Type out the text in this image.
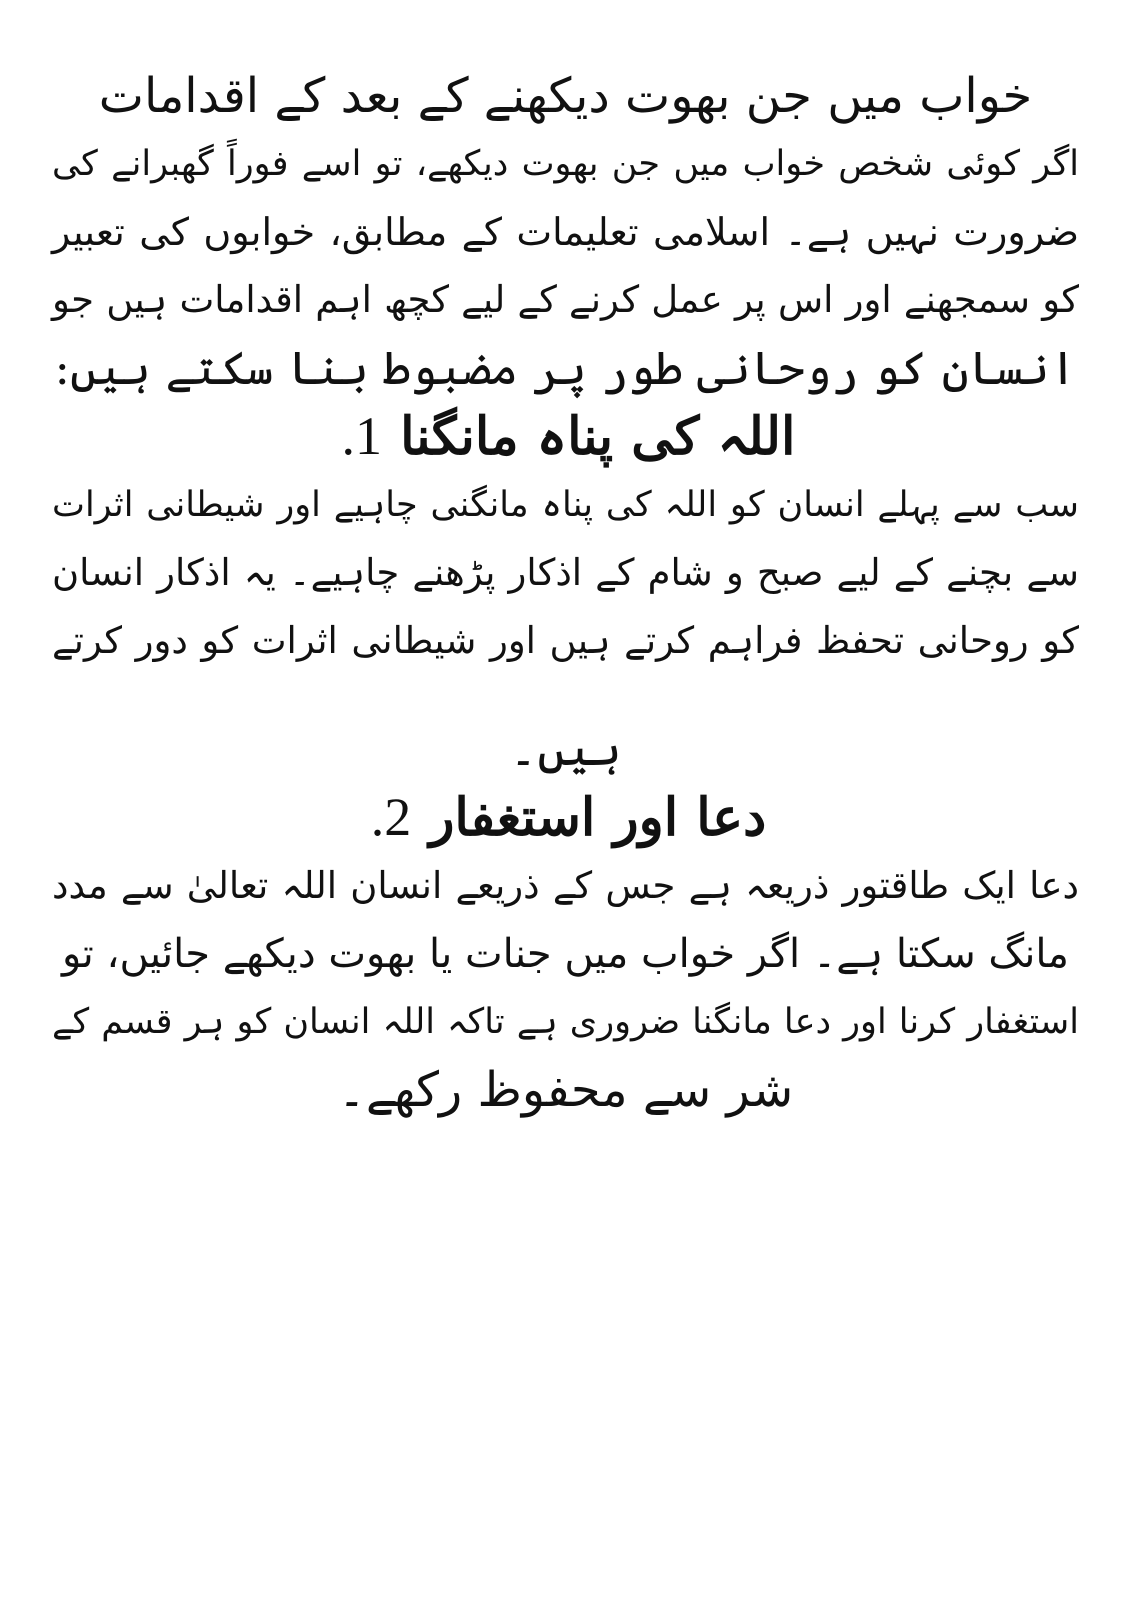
خواب میں جن بھوت دیکھنے کے بعد کے اقدامات

اگر کوئی شخص خواب میں جن بھوت دیکھے، تو اسے فوراً گھبرانے کی

ضرورت نہیں ہے۔ اسلامی تعلیمات کے مطابق، خوابوں کی تعبیر

کو سمجھنے اور اس پر عمل کرنے کے لیے کچھ اہم اقدامات ہیں جو

انسان کو روحانی طور پر مضبوط بنا سکتے ہیں:

اللہ کی پناہ مانگنا 1.

سب سے پہلے انسان کو اللہ کی پناہ مانگنی چاہیے اور شیطانی اثرات

سے بچنے کے لیے صبح و شام کے اذکار پڑھنے چاہیے۔ یہ اذکار انسان

کو روحانی تحفظ فراہم کرتے ہیں اور شیطانی اثرات کو دور کرتے

ہیں۔

دعا اور استغفار 2.

دعا ایک طاقتور ذریعہ ہے جس کے ذریعے انسان اللہ تعالیٰ سے مدد

مانگ سکتا ہے۔ اگر خواب میں جنات یا بھوت دیکھے جائیں، تو

استغفار کرنا اور دعا مانگنا ضروری ہے تاکہ اللہ انسان کو ہر قسم کے

شر سے محفوظ رکھے۔
